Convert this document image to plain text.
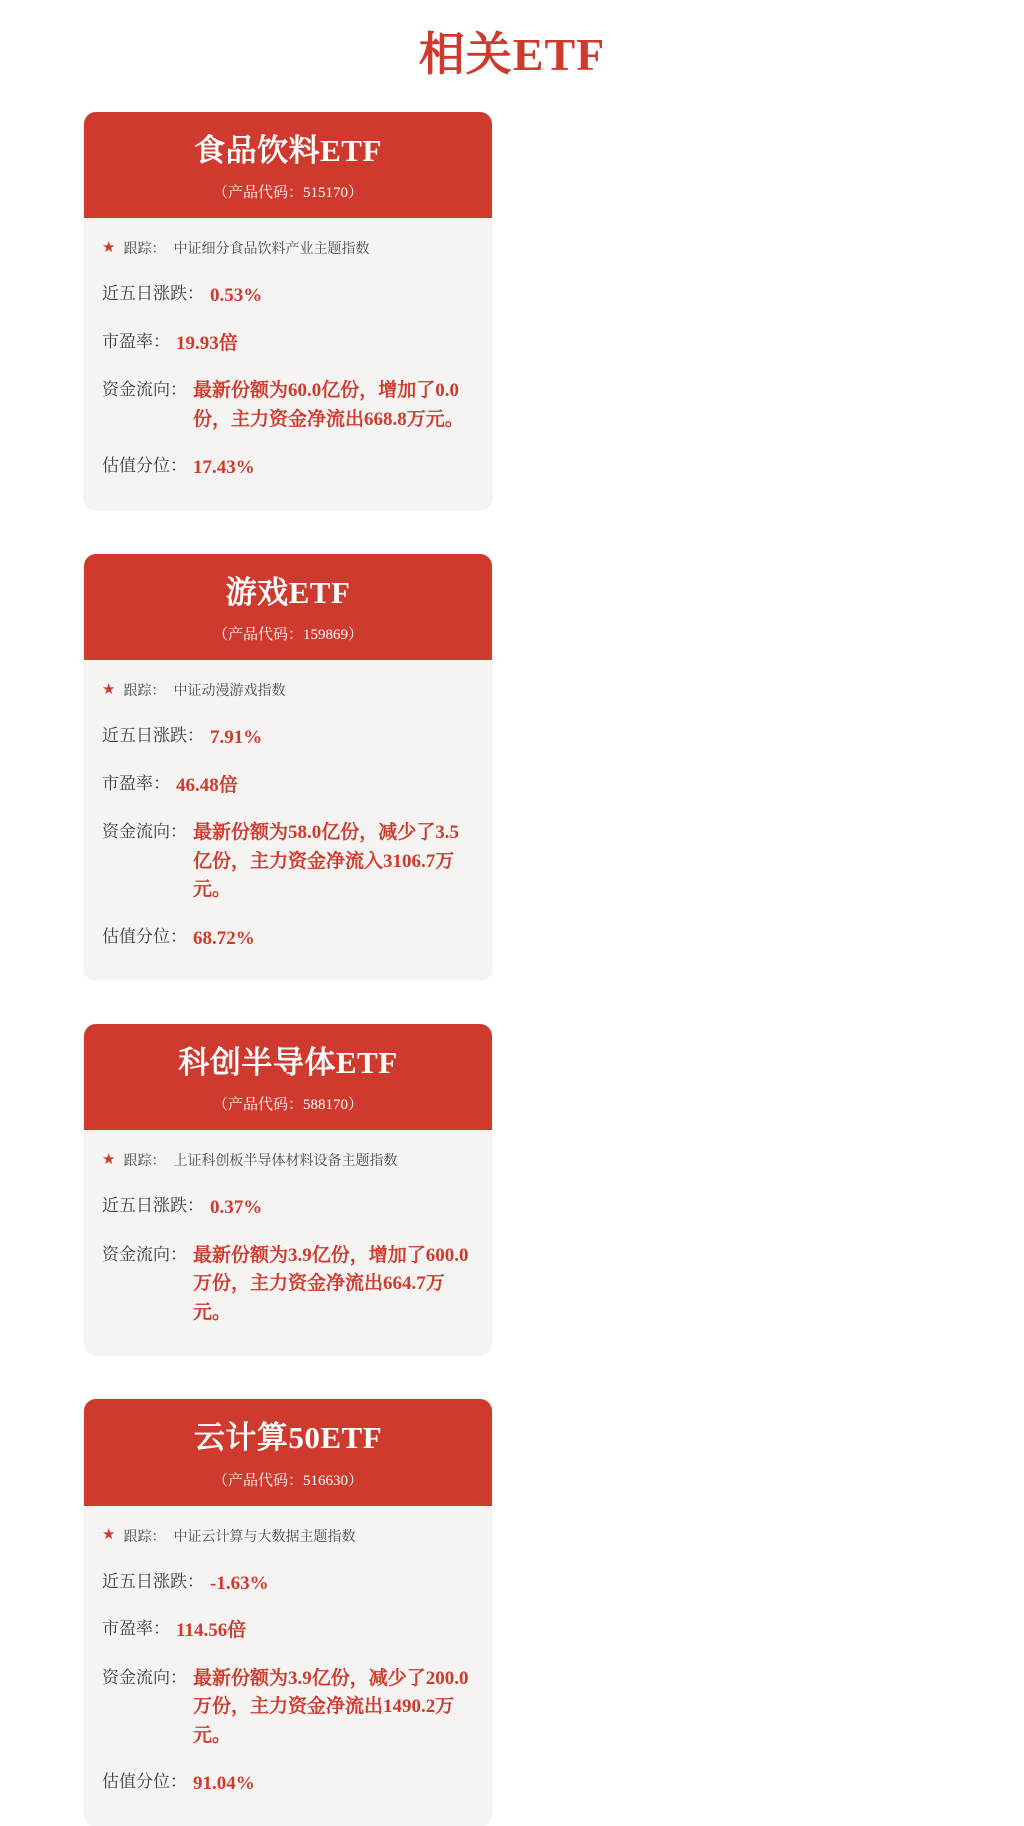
相关ETF
食品饮料ETF
（产品代码：515170）
★ 跟踪： 中证细分食品饮料产业主题指数
近五日涨跌： 0.53%
市盈率： 19.93倍
资金流向： 最新份额为60.0亿份，增加了0.0份，主力资金净流出668.8万元。
估值分位： 17.43%
游戏ETF
（产品代码：159869）
★ 跟踪： 中证动漫游戏指数
近五日涨跌： 7.91%
市盈率： 46.48倍
资金流向： 最新份额为58.0亿份，减少了3.5亿份，主力资金净流入3106.7万元。
估值分位： 68.72%
科创半导体ETF
（产品代码：588170）
★ 跟踪： 上证科创板半导体材料设备主题指数
近五日涨跌： 0.37%
资金流向： 最新份额为3.9亿份，增加了600.0万份，主力资金净流出664.7万元。
云计算50ETF
（产品代码：516630）
★ 跟踪： 中证云计算与大数据主题指数
近五日涨跌： -1.63%
市盈率： 114.56倍
资金流向： 最新份额为3.9亿份，减少了200.0万份，主力资金净流出1490.2万元。
估值分位： 91.04%
